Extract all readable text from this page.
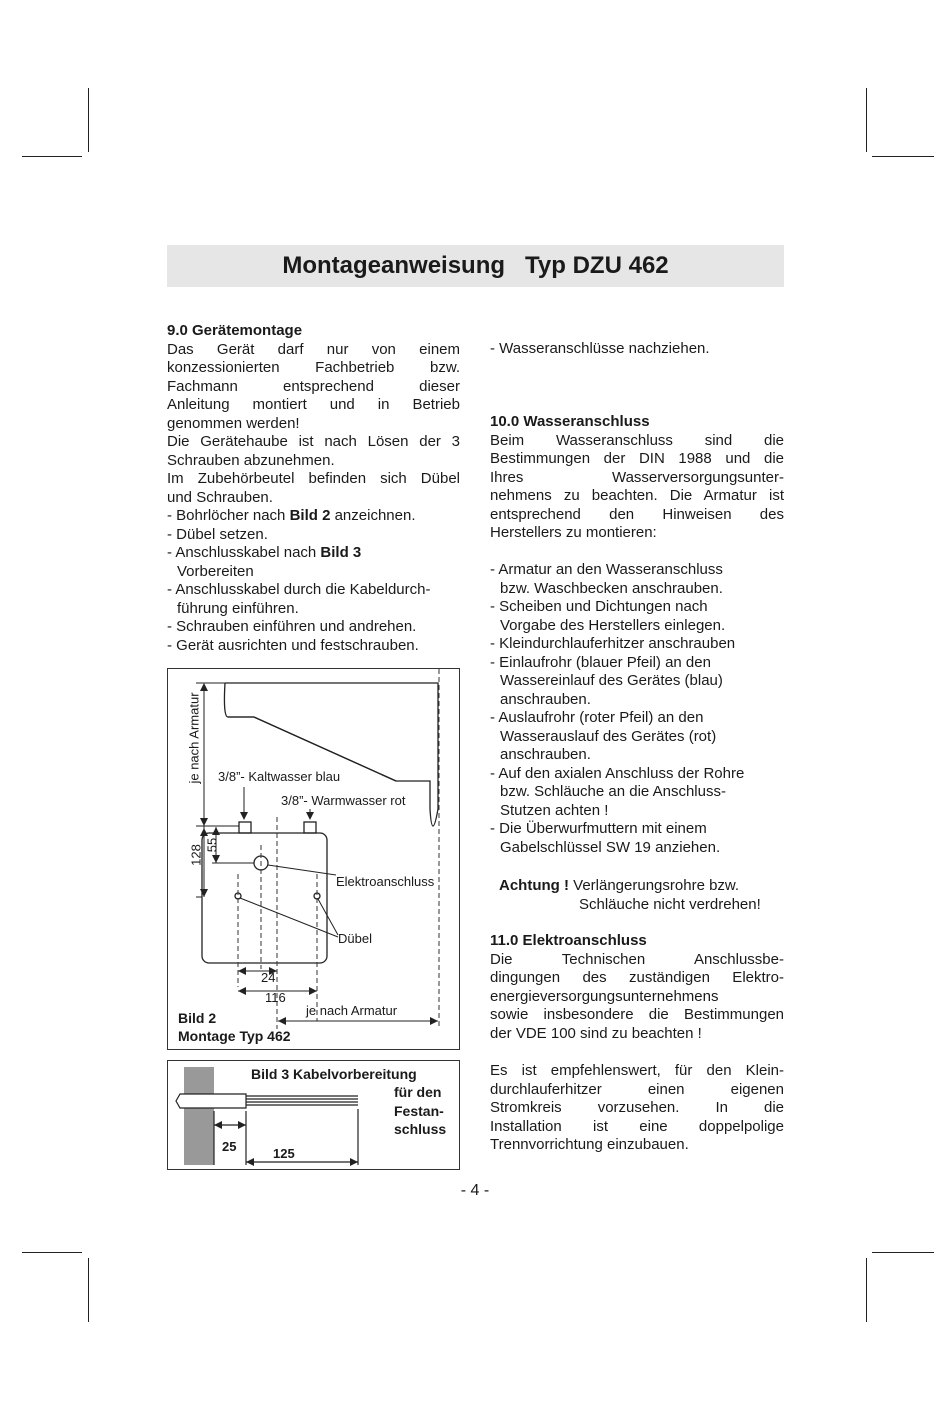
Montageanweisung   Typ DZU 462

9.0 Gerätemontage

Das Gerät darf nur von einem

konzessionierten Fachbetrieb bzw.

Fachmann entsprechend dieser

Anleitung montiert und in Betrieb

genommen werden!

Die Gerätehaube ist nach Lösen der 3

Schrauben abzunehmen.

Im Zubehörbeutel befinden sich Dübel

und Schrauben.

- Bohrlöcher nach Bild 2 anzeichnen.

- Dübel setzen.

- Anschlusskabel nach Bild 3

Vorbereiten

- Anschlusskabel durch die Kabeldurch-

führung einführen.

- Schrauben einführen und andrehen.

- Gerät ausrichten und festschrauben.

je nach Armatur 3/8”- Kaltwasser blau
3/8”- Warmwasser rot
128 55
Elektroanschluss
Dübel
24
116
je nach Armatur
Bild 2
Montage Typ 462
Bild 3 Kabelvorbereitung
für den
Festan-
schluss
25	125

- Wasseranschlüsse nachziehen.

10.0 Wasseranschluss

Beim Wasseranschluss sind die

Bestimmungen der DIN 1988 und die

Ihres Wasserversorgungsunter-

nehmens zu beachten. Die Armatur ist

entsprechend den Hinweisen des

Herstellers zu montieren:

- Armatur an den Wasseranschluss

bzw. Waschbecken anschrauben.

- Scheiben und Dichtungen nach

Vorgabe des Herstellers einlegen.

- Kleindurchlauferhitzer anschrauben

- Einlaufrohr (blauer Pfeil) an den

Wassereinlauf des Gerätes (blau)

anschrauben.

- Auslaufrohr (roter Pfeil) an den

Wasserauslauf des Gerätes (rot)

anschrauben.

- Auf den axialen Anschluss der Rohre

bzw. Schläuche an die Anschluss-

Stutzen achten !

- Die Überwurfmuttern mit einem

Gabelschlüssel SW 19 anziehen.

Achtung ! Verlängerungsrohre bzw.

Schläuche nicht verdrehen!

11.0 Elektroanschluss

Die Technischen Anschlussbe-

dingungen des zuständigen Elektro-

energieversorgungsunternehmens

sowie insbesondere die Bestimmungen

der VDE 100 sind zu beachten !

Es ist empfehlenswert, für den Klein-

durchlauferhitzer einen eigenen

Stromkreis vorzusehen. In die

Installation ist eine doppelpolige

Trennvorrichtung einzubauen.

- 4 -
